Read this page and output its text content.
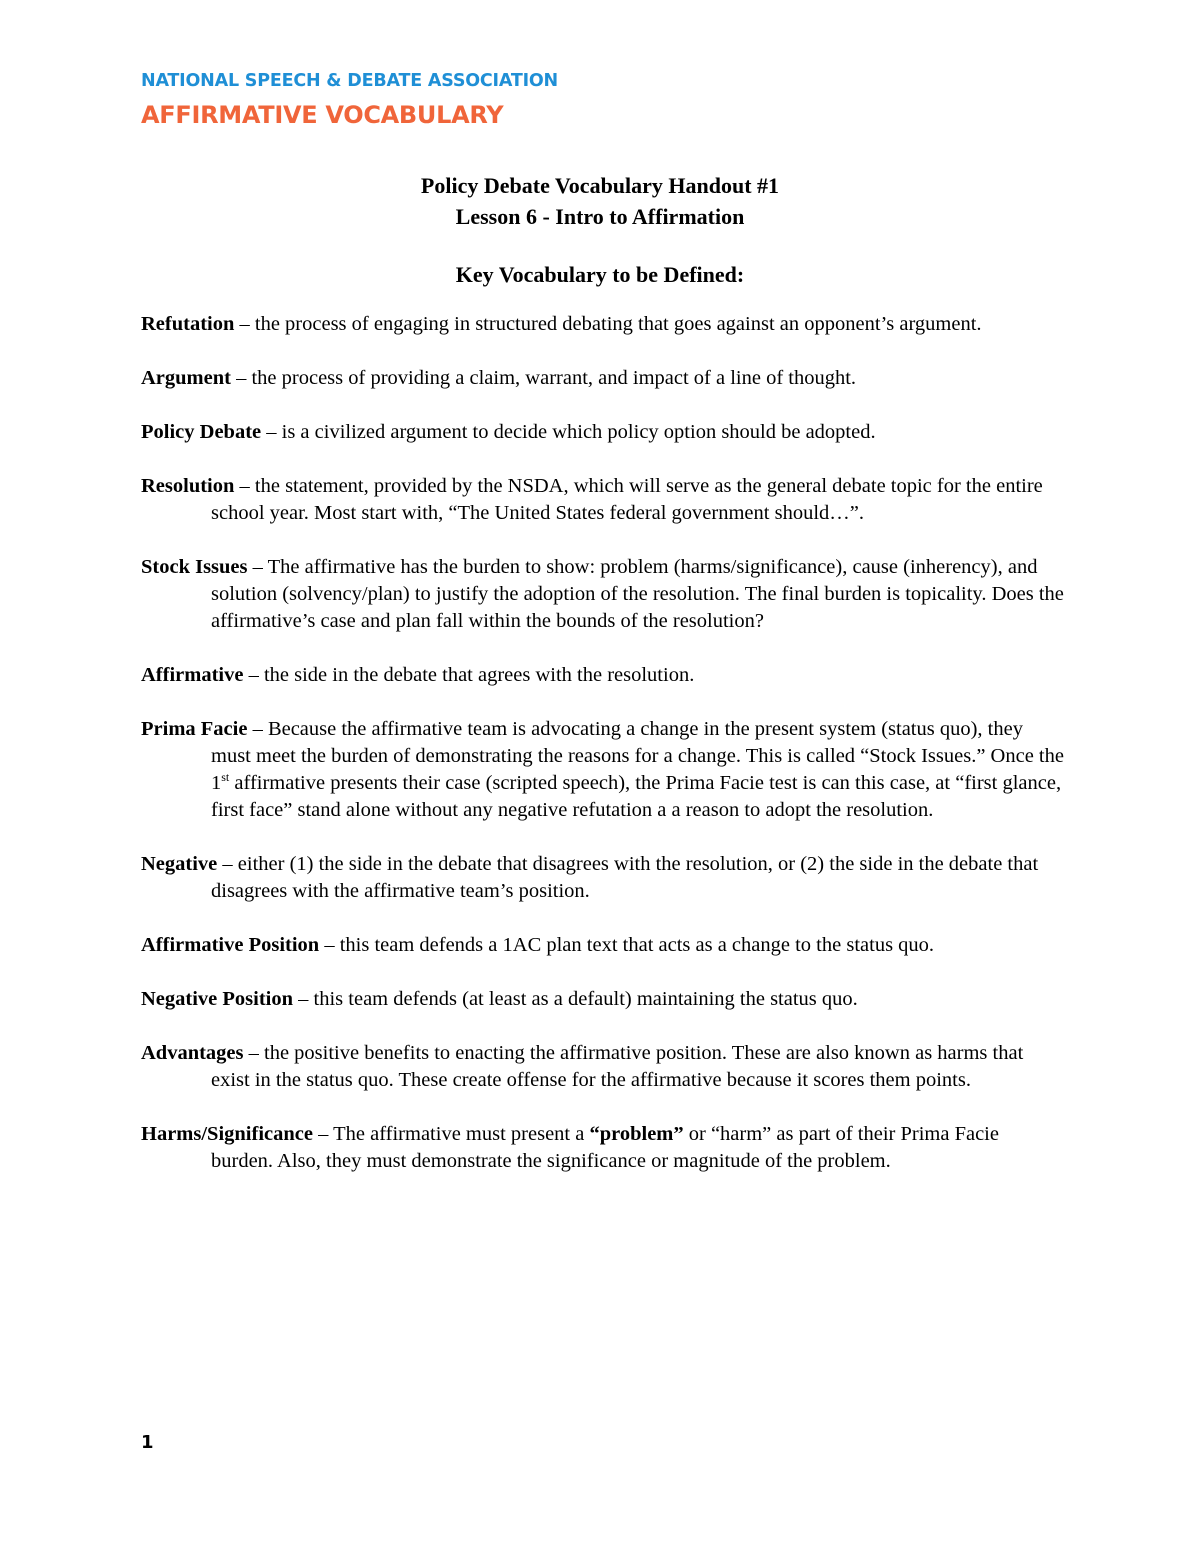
NATIONAL SPEECH & DEBATE ASSOCIATION
AFFIRMATIVE VOCABULARY
Policy Debate Vocabulary Handout #1
Lesson 6 - Intro to Affirmation
Key Vocabulary to be Defined:

Refutation – the process of engaging in structured debating that goes against an opponent’s argument.

Argument – the process of providing a claim, warrant, and impact of a line of thought.

Policy Debate – is a civilized argument to decide which policy option should be adopted.

Resolution – the statement, provided by the NSDA, which will serve as the general debate topic for the entire school year. Most start with, “The United States federal government should…”.

Stock Issues – The affirmative has the burden to show: problem (harms/significance), cause (inherency), and solution (solvency/plan) to justify the adoption of the resolution. The final burden is topicality. Does the affirmative’s case and plan fall within the bounds of the resolution?

Affirmative – the side in the debate that agrees with the resolution.

Prima Facie – Because the affirmative team is advocating a change in the present system (status quo), they must meet the burden of demonstrating the reasons for a change. This is called “Stock Issues.” Once the 1st affirmative presents their case (scripted speech), the Prima Facie test is can this case, at “first glance, first face” stand alone without any negative refutation a a reason to adopt the resolution.

Negative – either (1) the side in the debate that disagrees with the resolution, or (2) the side in the debate that disagrees with the affirmative team’s position.

Affirmative Position – this team defends a 1AC plan text that acts as a change to the status quo.

Negative Position – this team defends (at least as a default) maintaining the status quo.

Advantages – the positive benefits to enacting the affirmative position. These are also known as harms that exist in the status quo. These create offense for the affirmative because it scores them points.

Harms/Significance – The affirmative must present a “problem” or “harm” as part of their Prima Facie burden. Also, they must demonstrate the significance or magnitude of the problem.

1
